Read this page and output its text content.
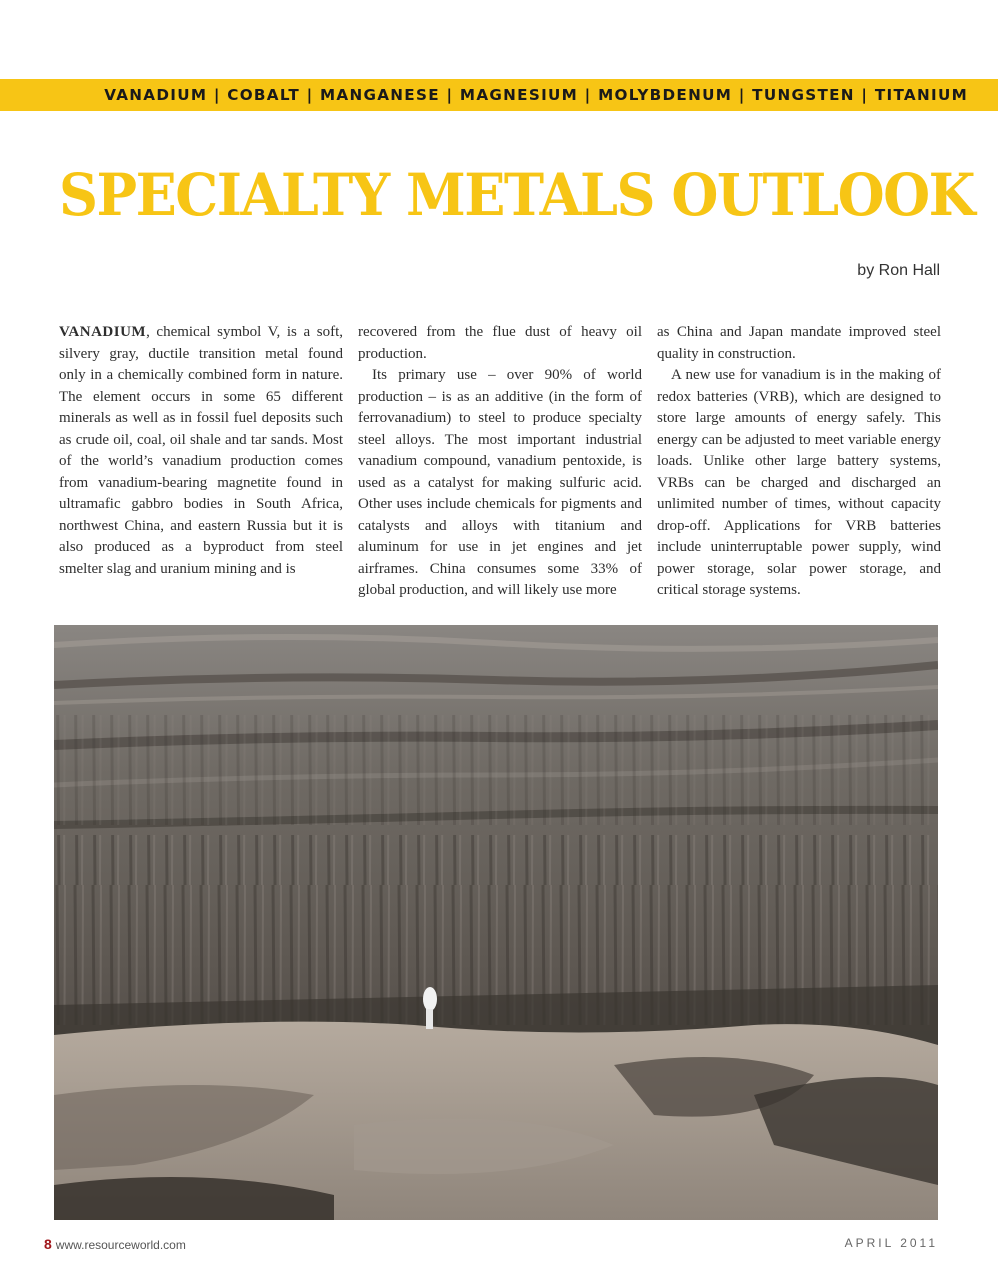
VANADIUM | COBALT | MANGANESE | MAGNESIUM | MOLYBDENUM | TUNGSTEN | TITANIUM
SPECIALTY METALS OUTLOOK
by Ron Hall

VANADIUM, chemical symbol V, is a soft, silvery gray, ductile transition metal found only in a chemically combined form in nature. The element occurs in some 65 different minerals as well as in fossil fuel deposits such as crude oil, coal, oil shale and tar sands. Most of the world’s vanadium production comes from vanadium-bearing magnetite found in ultramafic gabbro bodies in South Africa, northwest China, and eastern Russia but it is also produced as a byproduct from steel smelter slag and uranium mining and is

recovered from the flue dust of heavy oil production.

Its primary use – over 90% of world production – is as an additive (in the form of ferrovanadium) to steel to produce specialty steel alloys. The most important industrial vanadium compound, vanadium pentoxide, is used as a catalyst for making sulfuric acid. Other uses include chemicals for pigments and catalysts and alloys with titanium and aluminum for use in jet engines and jet airframes. China consumes some 33% of global production, and will likely use more

as China and Japan mandate improved steel quality in construction.

A new use for vanadium is in the making of redox batteries (VRB), which are designed to store large amounts of energy safely. This energy can be adjusted to meet variable energy loads. Unlike other large battery systems, VRBs can be charged and discharged an unlimited number of times, without capacity drop-off. Applications for VRB batteries include uninterruptable power supply, wind power storage, solar power storage, and critical storage systems.

8 www.resourceworld.com	APRIL 2011
